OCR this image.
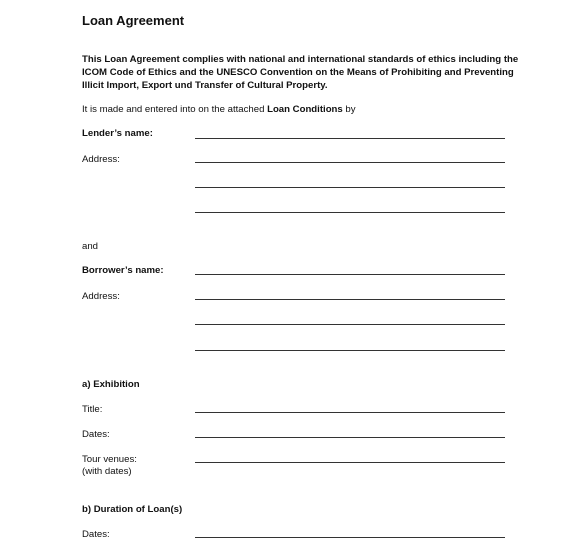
Loan Agreement
This Loan Agreement complies with national and international standards of ethics including the ICOM Code of Ethics and the UNESCO Convention on the Means of Prohibiting and Preventing Illicit Import, Export und Transfer of Cultural Property.
It is made and entered into on the attached Loan Conditions by
Lender’s name:
Address:
and
Borrower’s name:
Address:
a) Exhibition
Title:
Dates:
Tour venues:
(with dates)
b) Duration of Loan(s)
Dates:
